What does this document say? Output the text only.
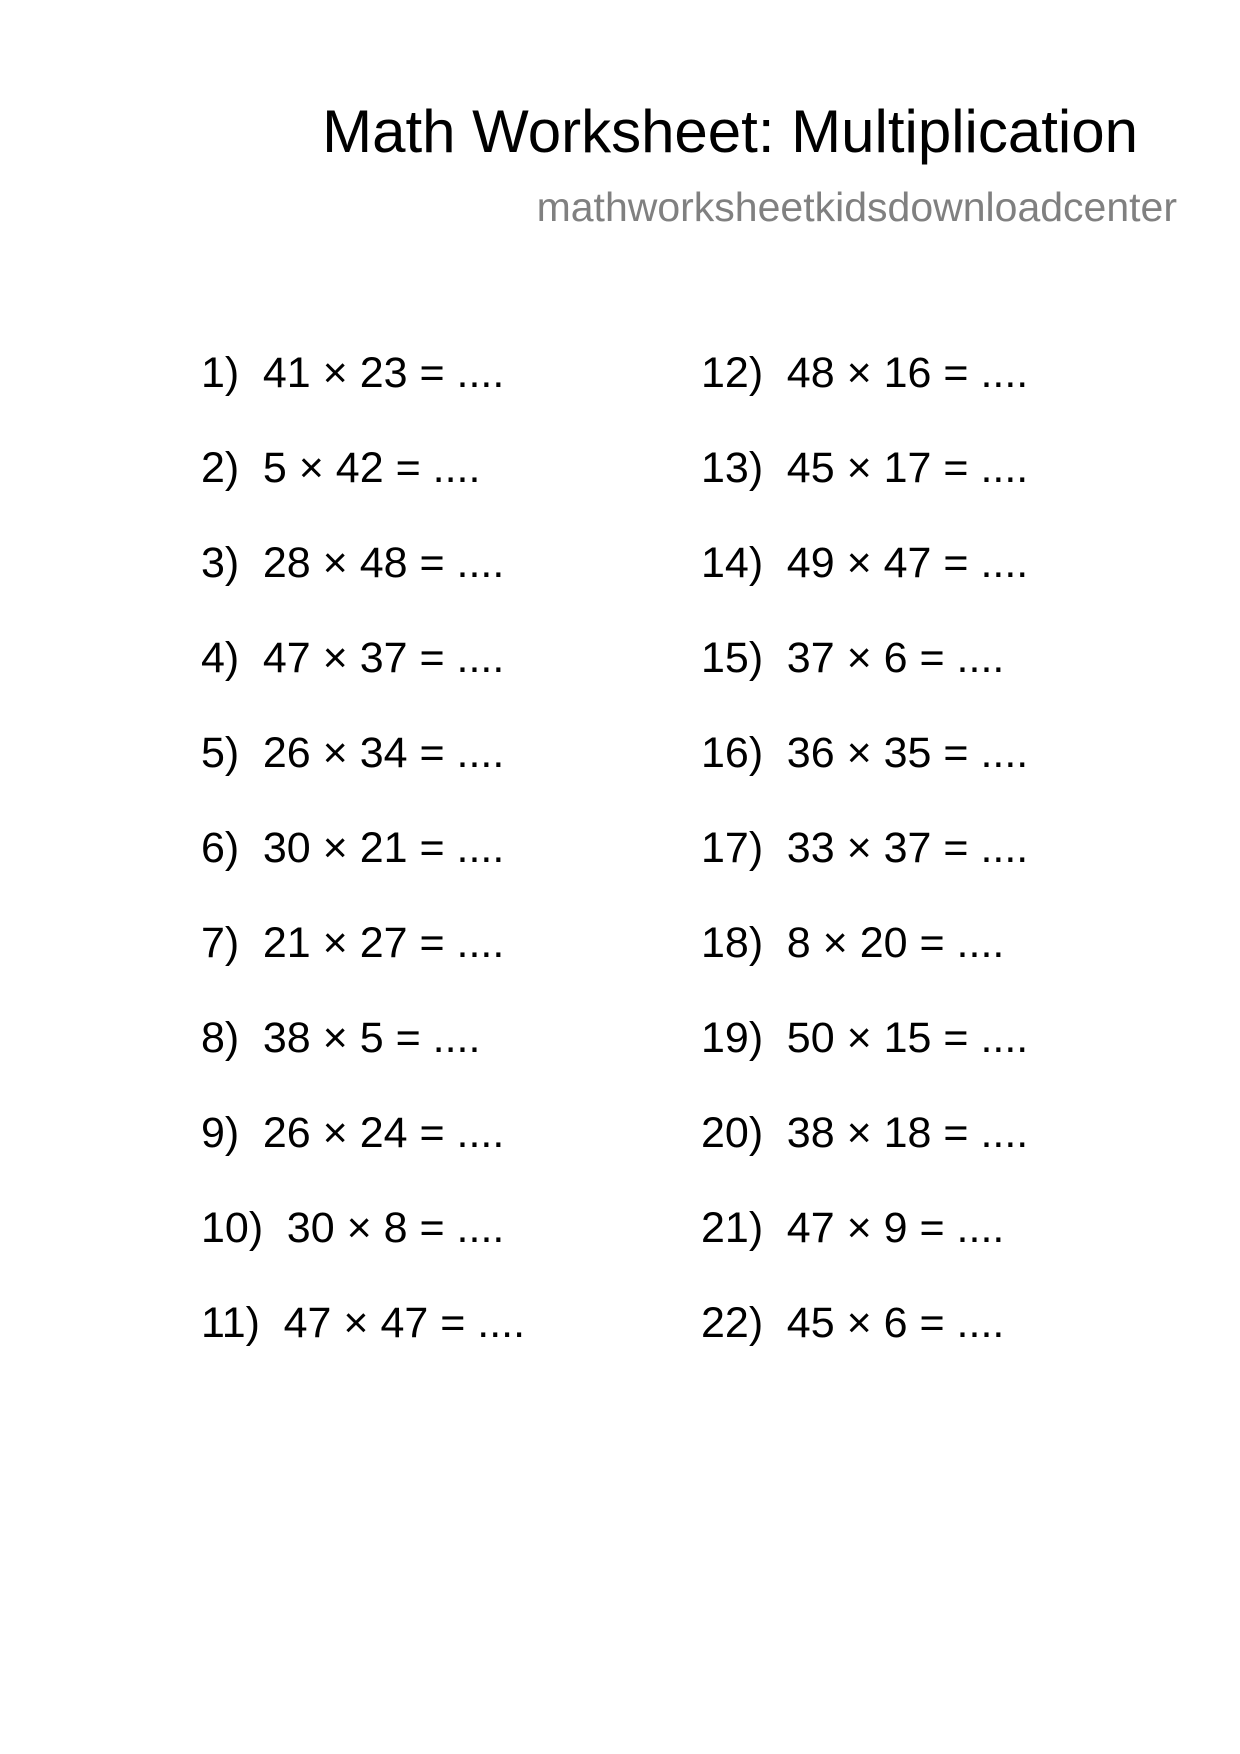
Math Worksheet: Multiplication
mathworksheetkidsdownloadcenter
1) 41 × 23 = ....
2) 5 × 42 = ....
3) 28 × 48 = ....
4) 47 × 37 = ....
5) 26 × 34 = ....
6) 30 × 21 = ....
7) 21 × 27 = ....
8) 38 × 5 = ....
9) 26 × 24 = ....
10) 30 × 8 = ....
11) 47 × 47 = ....
12) 48 × 16 = ....
13) 45 × 17 = ....
14) 49 × 47 = ....
15) 37 × 6 = ....
16) 36 × 35 = ....
17) 33 × 37 = ....
18) 8 × 20 = ....
19) 50 × 15 = ....
20) 38 × 18 = ....
21) 47 × 9 = ....
22) 45 × 6 = ....
